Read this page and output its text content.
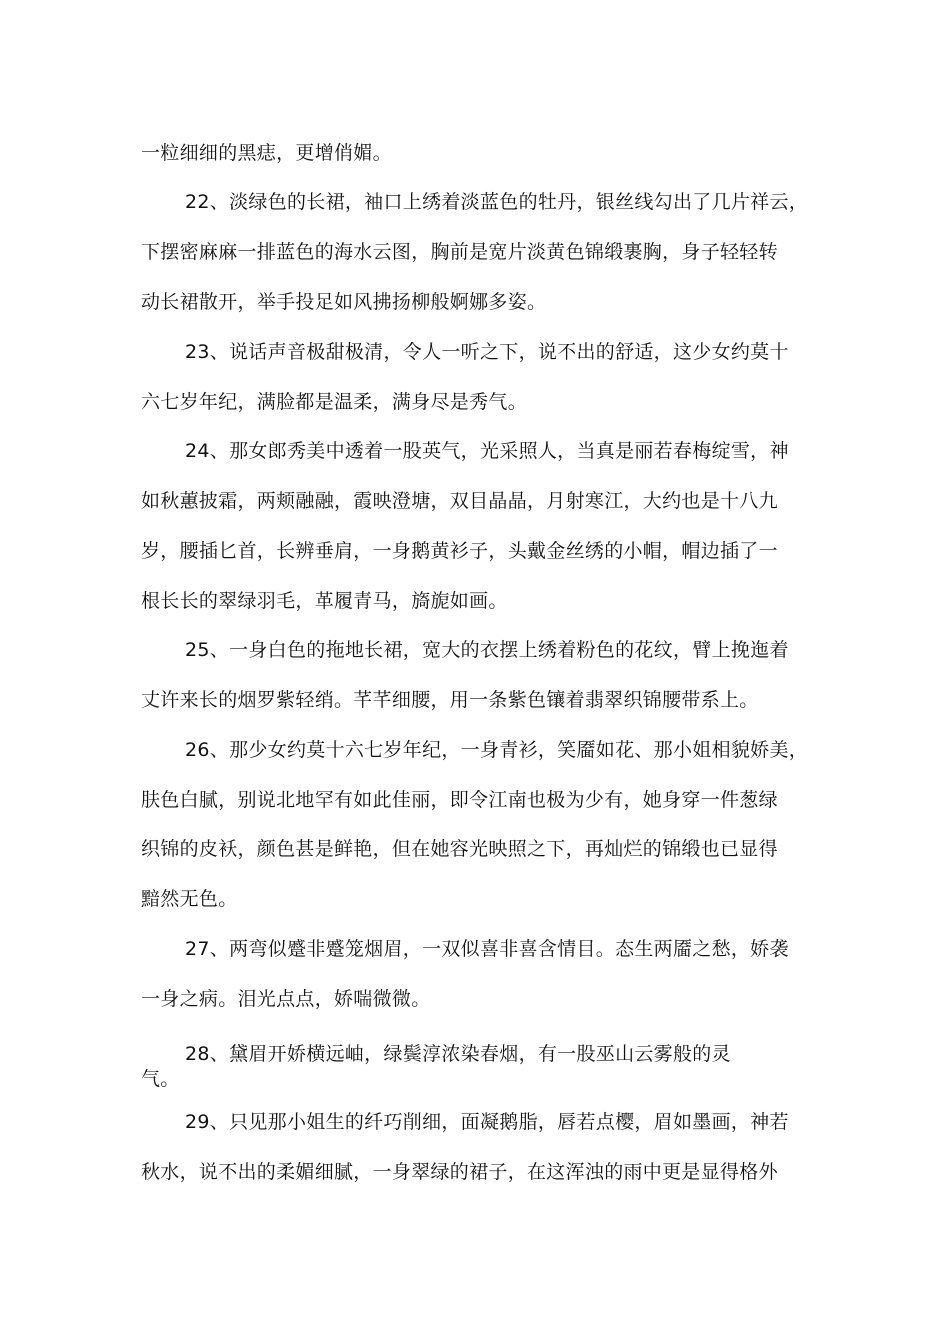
一粒细细的黑痣，更增俏媚。
22、淡绿色的长裙，袖口上绣着淡蓝色的牡丹，银丝线勾出了几片祥云，
下摆密麻麻一排蓝色的海水云图，胸前是宽片淡黄色锦缎裹胸，身子轻轻转
动长裙散开，举手投足如风拂扬柳般婀娜多姿。
23、说话声音极甜极清，令人一听之下，说不出的舒适，这少女约莫十
六七岁年纪，满脸都是温柔，满身尽是秀气。
24、那女郎秀美中透着一股英气，光采照人，当真是丽若春梅绽雪，神
如秋蕙披霜，两颊融融，霞映澄塘，双目晶晶，月射寒江，大约也是十八九
岁，腰插匕首，长辨垂肩，一身鹅黄衫子，头戴金丝绣的小帽，帽边插了一
根长长的翠绿羽毛，革履青马，旖旎如画。
25、一身白色的拖地长裙，宽大的衣摆上绣着粉色的花纹，臂上挽迤着
丈许来长的烟罗紫轻绡。芊芊细腰，用一条紫色镶着翡翠织锦腰带系上。
26、那少女约莫十六七岁年纪，一身青衫，笑靥如花、那小姐相貌娇美，
肤色白腻，别说北地罕有如此佳丽，即令江南也极为少有，她身穿一件葱绿
织锦的皮袄，颜色甚是鲜艳，但在她容光映照之下，再灿烂的锦缎也已显得
黯然无色。
27、两弯似蹙非蹙笼烟眉，一双似喜非喜含情目。态生两靥之愁，娇袭
一身之病。泪光点点，娇喘微微。
28、黛眉开娇横远岫，绿鬓淳浓染春烟，有一股巫山云雾般的灵
气。
29、只见那小姐生的纤巧削细，面凝鹅脂，唇若点樱，眉如墨画，神若
秋水，说不出的柔媚细腻，一身翠绿的裙子，在这浑浊的雨中更是显得格外
